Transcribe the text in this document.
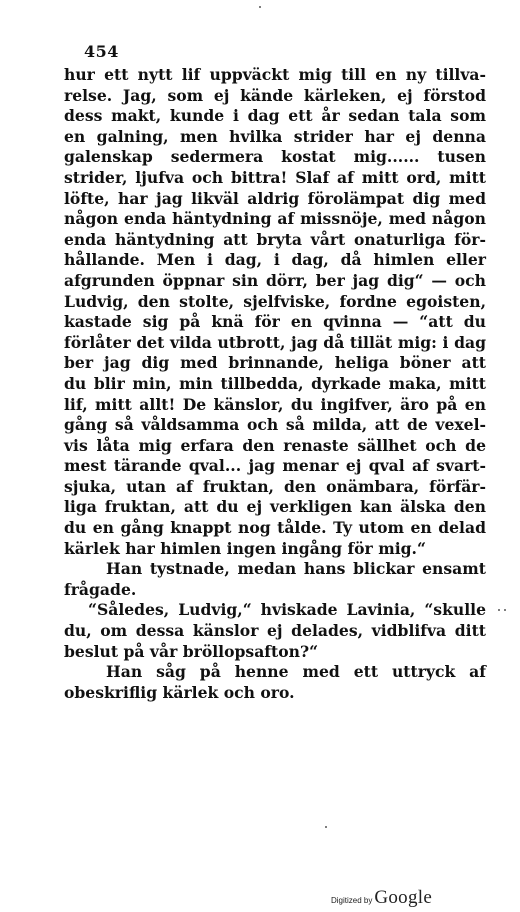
454
hur ett nytt lif uppväckt mig till en ny tillva-
relse. Jag, som ej kände kärleken, ej förstod
dess makt, kunde i dag ett år sedan tala som
en galning, men hvilka strider har ej denna
galenskap sedermera kostat mig...... tusen
strider, ljufva och bittra! Slaf af mitt ord, mitt
löfte, har jag likväl aldrig förolämpat dig med
någon enda häntydning af missnöje, med någon
enda häntydning att bryta vårt onaturliga för-
hållande. Men i dag, i dag, då himlen eller
afgrunden öppnar sin dörr, ber jag dig“ — och
Ludvig, den stolte, sjelfviske, fordne egoisten,
kastade sig på knä för en qvinna — “att du
förlåter det vilda utbrott, jag då tillät mig: i dag
ber jag dig med brinnande, heliga böner att
du blir min, min tillbedda, dyrkade maka, mitt
lif, mitt allt! De känslor, du ingifver, äro på en
gång så våldsamma och så milda, att de vexel-
vis låta mig erfara den renaste sällhet och de
mest tärande qval... jag menar ej qval af svart-
sjuka, utan af fruktan, den onämbara, förfär-
liga fruktan, att du ej verkligen kan älska den
du en gång knappt nog tålde. Ty utom en delad
kärlek har himlen ingen ingång för mig.“
Han tystnade, medan hans blickar ensamt
frågade.
“Således, Ludvig,“ hviskade Lavinia, “skulle
du, om dessa känslor ej delades, vidblifva ditt
beslut på vår bröllopsafton?“
Han såg på henne med ett uttryck af
obeskriflig kärlek och oro.
Digitized by Google
